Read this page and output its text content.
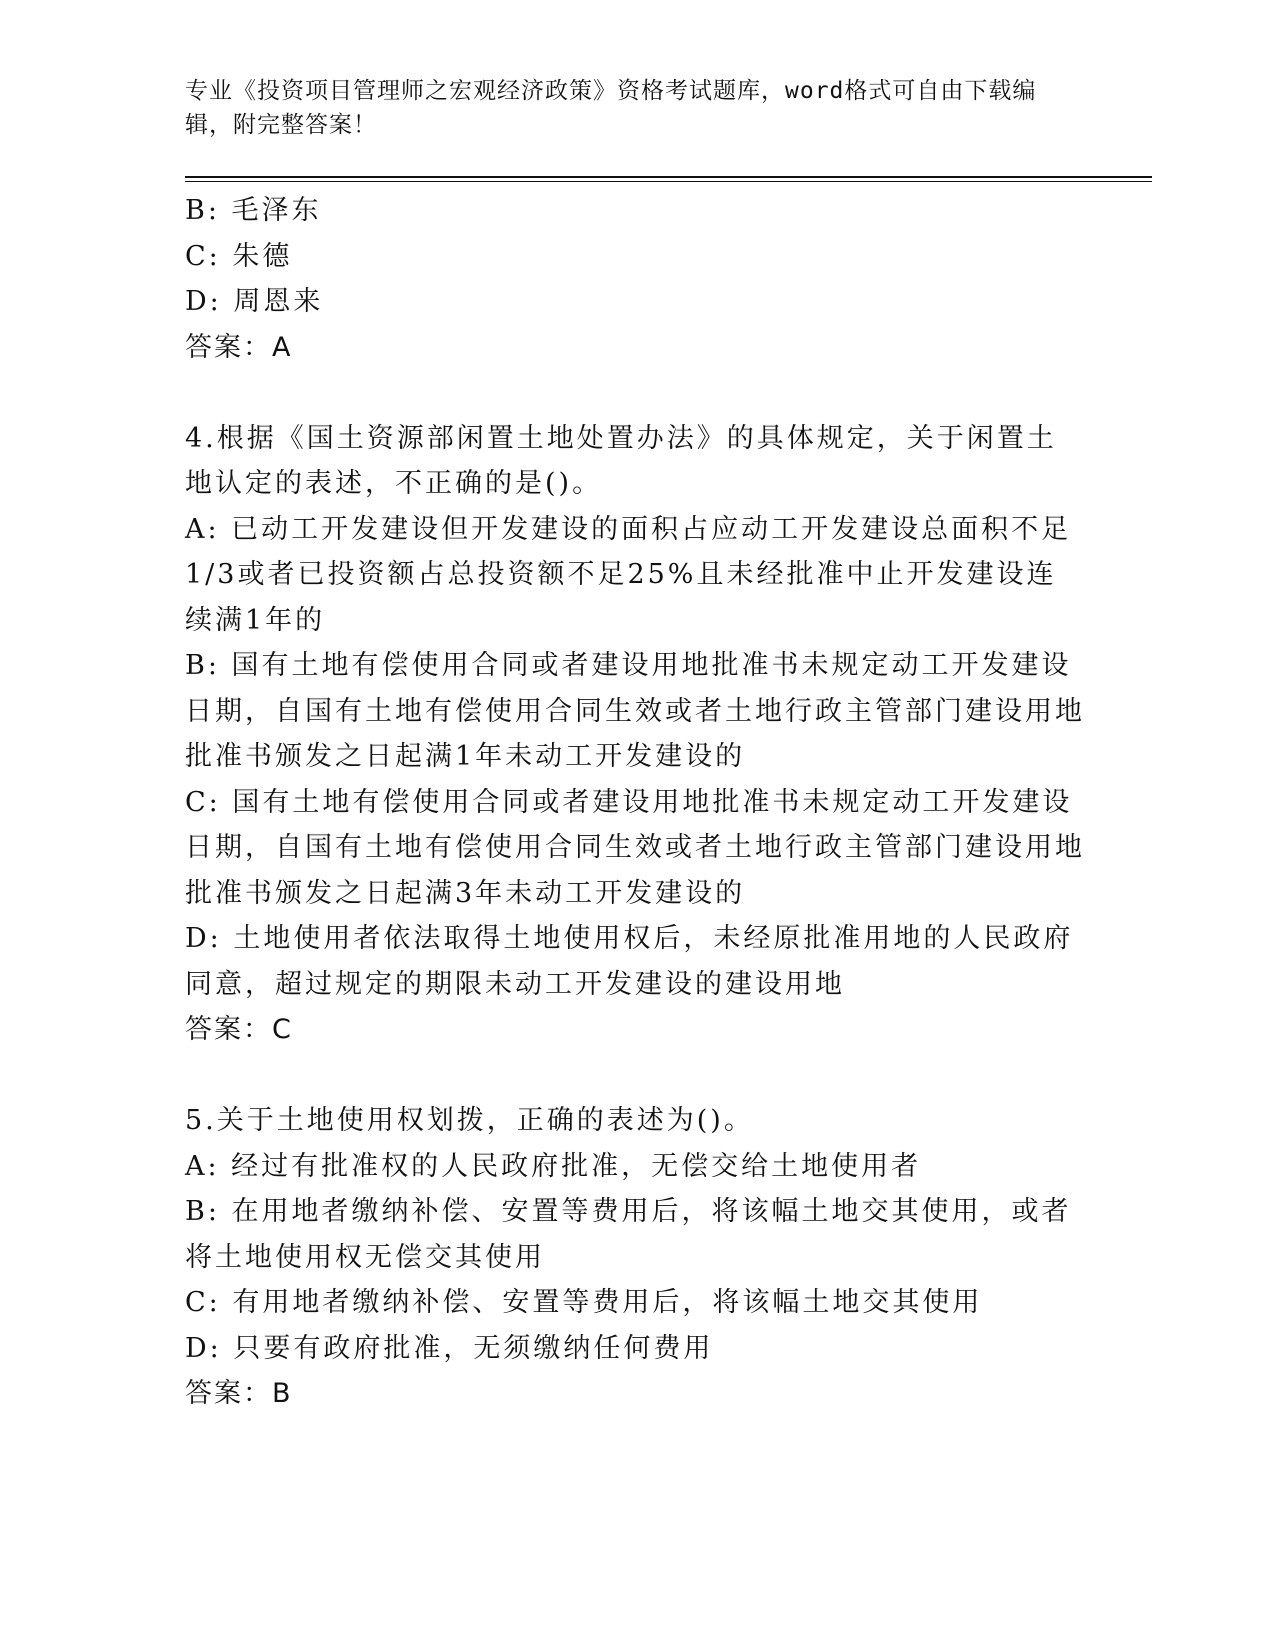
专业《投资项目管理师之宏观经济政策》资格考试题库，word格式可自由下载编辑，附完整答案！

B: 毛泽东

C: 朱德

D: 周恩来

答案：A

4.根据《国土资源部闲置土地处置办法》的具体规定，关于闲置土地认定的表述，不正确的是()。

A: 已动工开发建设但开发建设的面积占应动工开发建设总面积不足1/3或者已投资额占总投资额不足25%且未经批准中止开发建设连续满1年的

B: 国有土地有偿使用合同或者建设用地批准书未规定动工开发建设日期，自国有土地有偿使用合同生效或者土地行政主管部门建设用地批准书颁发之日起满1年未动工开发建设的

C: 国有土地有偿使用合同或者建设用地批准书未规定动工开发建设日期，自国有土地有偿使用合同生效或者土地行政主管部门建设用地批准书颁发之日起满3年未动工开发建设的

D: 土地使用者依法取得土地使用权后，未经原批准用地的人民政府同意，超过规定的期限未动工开发建设的建设用地

答案：C

5.关于土地使用权划拨，正确的表述为()。

A: 经过有批准权的人民政府批准，无偿交给土地使用者

B: 在用地者缴纳补偿、安置等费用后，将该幅土地交其使用，或者将土地使用权无偿交其使用

C: 有用地者缴纳补偿、安置等费用后，将该幅土地交其使用

D: 只要有政府批准，无须缴纳任何费用

答案：B
